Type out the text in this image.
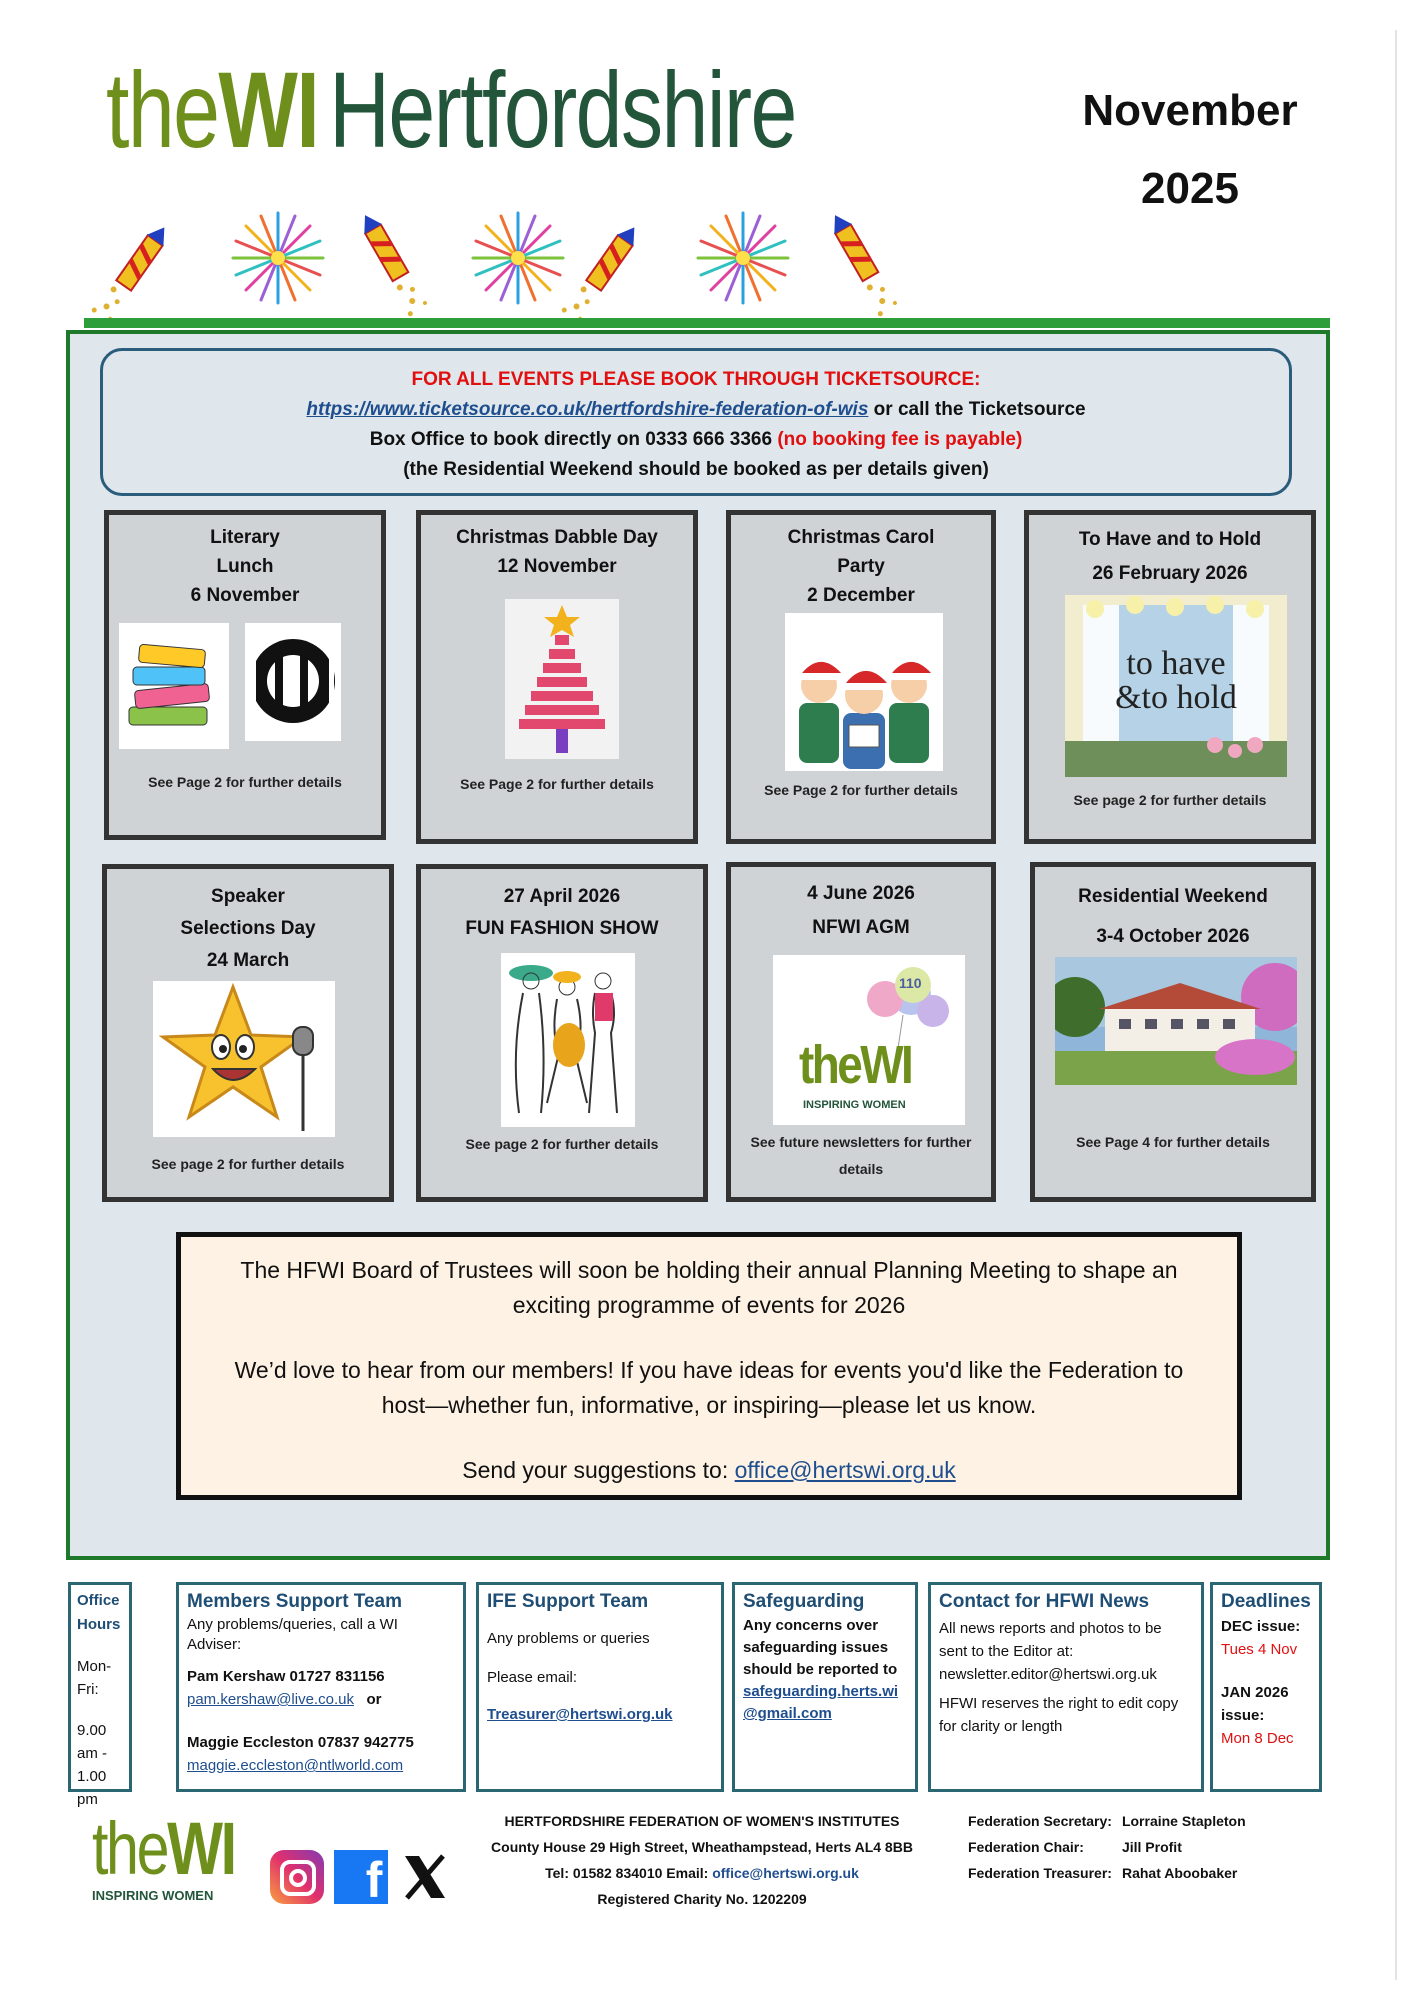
theWI Hertfordshire	November
2025
FOR ALL EVENTS PLEASE BOOK THROUGH TICKETSOURCE:
https://www.ticketsource.co.uk/hertfordshire-federation-of-wis or call the Ticketsource
Box Office to book directly on 0333 666 3366 (no booking fee is payable)
(the Residential Weekend should be booked as per details given)
Literary
Lunch
6 November
See Page 2 for further details
Christmas Dabble Day
12 November
See Page 2 for further details
Christmas Carol
Party
2 December
See Page 2 for further details
To Have and to Hold
26 February 2026
to have
&to hold
See page 2 for further details
Speaker
Selections Day
24 March
See page 2 for further details
27 April 2026
FUN FASHION SHOW
See page 2 for further details
4 June 2026
NFWI AGM
110
theWI
INSPIRING WOMEN
See future newsletters for further details
Residential Weekend
3-4 October 2026
See Page 4 for further details

The HFWI Board of Trustees will soon be holding their annual Planning Meeting to shape an exciting programme of events for 2026

We’d love to hear from our members! If you have ideas for events you'd like the Federation to host—whether fun, informative, or inspiring—please let us know.

Send your suggestions to: office@hertswi.org.uk

Office Hours
Mon-Fri:
9.00 am - 1.00 pm
Members Support Team
Any problems/queries, call a WI Adviser:
Pam Kershaw 01727 831156
pam.kershaw@live.co.uk or
Maggie Eccleston 07837 942775
maggie.eccleston@ntlworld.com
IFE Support Team
Any problems or queries
Please email:
Treasurer@hertswi.org.uk
Safeguarding
Any concerns over safeguarding issues should be reported to
safeguarding.herts.wi@gmail.com
Contact for HFWI News
All news reports and photos to be sent to the Editor at:
newsletter.editor@hertswi.org.uk
HFWI reserves the right to edit copy for clarity or length
Deadlines
DEC issue:
Tues 4 Nov
JAN 2026 issue:
Mon 8 Dec
theWI
INSPIRING WOMEN	f
HERTFORDSHIRE FEDERATION OF WOMEN'S INSTITUTES
County House 29 High Street, Wheathampstead, Herts AL4 8BB
Tel: 01582 834010 Email: office@hertswi.org.uk
Registered Charity No. 1202209
Federation Secretary:	Lorraine Stapleton
Federation Chair:	Jill Profit
Federation Treasurer:	Rahat Aboobaker
